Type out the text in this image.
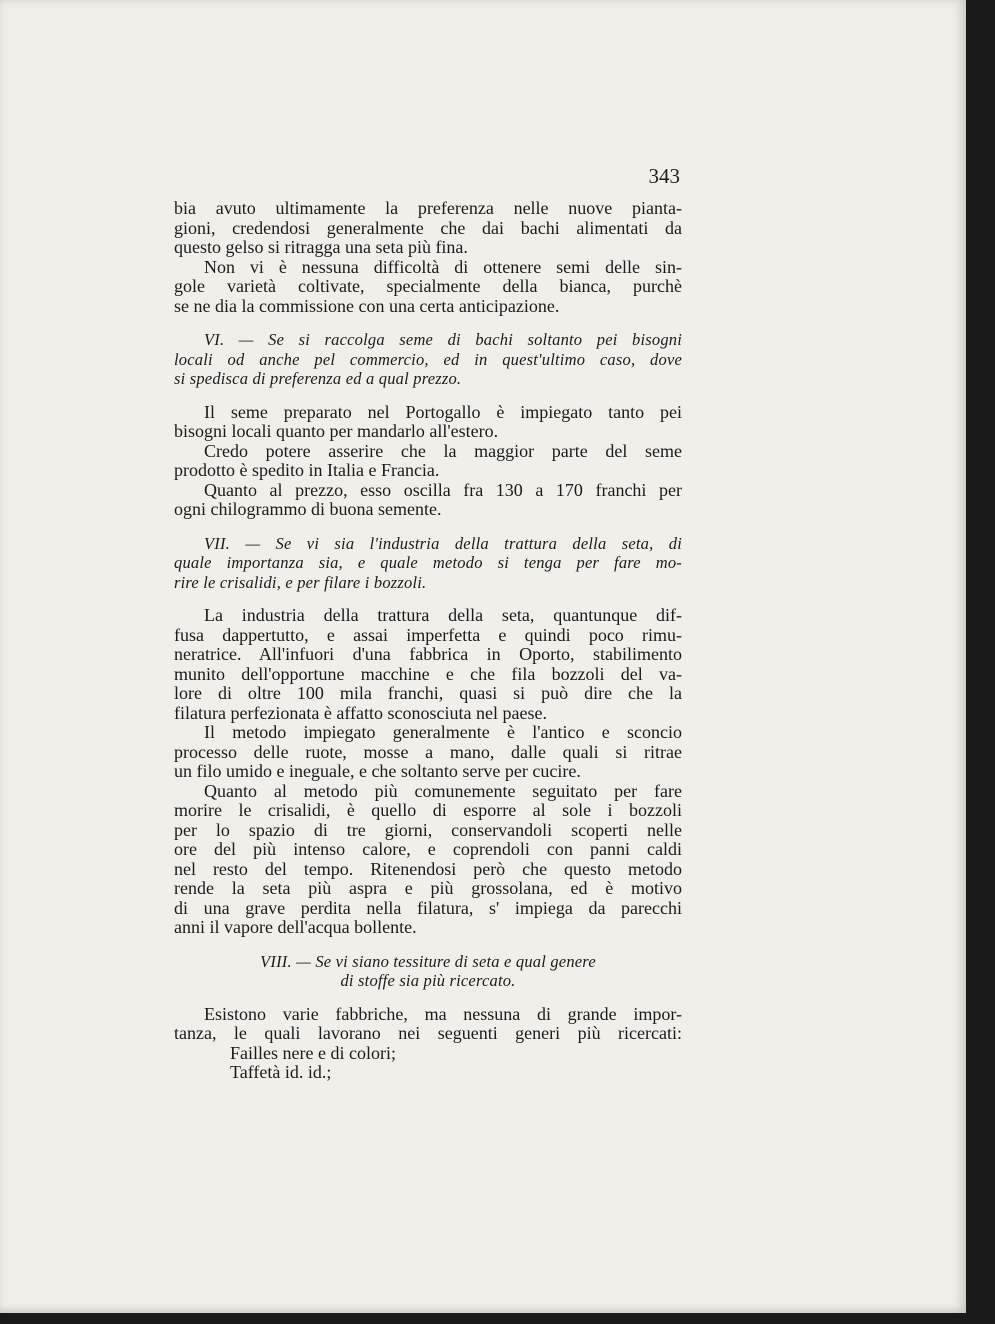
343
bia avuto ultimamente la preferenza nelle nuove pianta-
gioni, credendosi generalmente che dai bachi alimentati da
questo gelso si ritragga una seta più fina.
Non vi è nessuna difficoltà di ottenere semi delle sin-
gole varietà coltivate, specialmente della bianca, purchè
se ne dia la commissione con una certa anticipazione.
VI. — Se si raccolga seme di bachi soltanto pei bisogni
locali od anche pel commercio, ed in quest'ultimo caso, dove
si spedisca di preferenza ed a qual prezzo.
Il seme preparato nel Portogallo è impiegato tanto pei
bisogni locali quanto per mandarlo all'estero.
Credo potere asserire che la maggior parte del seme
prodotto è spedito in Italia e Francia.
Quanto al prezzo, esso oscilla fra 130 a 170 franchi per
ogni chilogrammo di buona semente.
VII. — Se vi sia l'industria della trattura della seta, di
quale importanza sia, e quale metodo si tenga per fare mo-
rire le crisalidi, e per filare i bozzoli.
La industria della trattura della seta, quantunque dif-
fusa dappertutto, e assai imperfetta e quindi poco rimu-
neratrice. All'infuori d'una fabbrica in Oporto, stabilimento
munito dell'opportune macchine e che fila bozzoli del va-
lore di oltre 100 mila franchi, quasi si può dire che la
filatura perfezionata è affatto sconosciuta nel paese.
Il metodo impiegato generalmente è l'antico e sconcio
processo delle ruote, mosse a mano, dalle quali si ritrae
un filo umido e ineguale, e che soltanto serve per cucire.
Quanto al metodo più comunemente seguitato per fare
morire le crisalidi, è quello di esporre al sole i bozzoli
per lo spazio di tre giorni, conservandoli scoperti nelle
ore del più intenso calore, e coprendoli con panni caldi
nel resto del tempo. Ritenendosi però che questo metodo
rende la seta più aspra e più grossolana, ed è motivo
di una grave perdita nella filatura, s' impiega da parecchi
anni il vapore dell'acqua bollente.
VIII. — Se vi siano tessiture di seta e qual genere
di stoffe sia più ricercato.
Esistono varie fabbriche, ma nessuna di grande impor-
tanza, le quali lavorano nei seguenti generi più ricercati:
Failles nere e di colori;
Taffetà id. id.;
